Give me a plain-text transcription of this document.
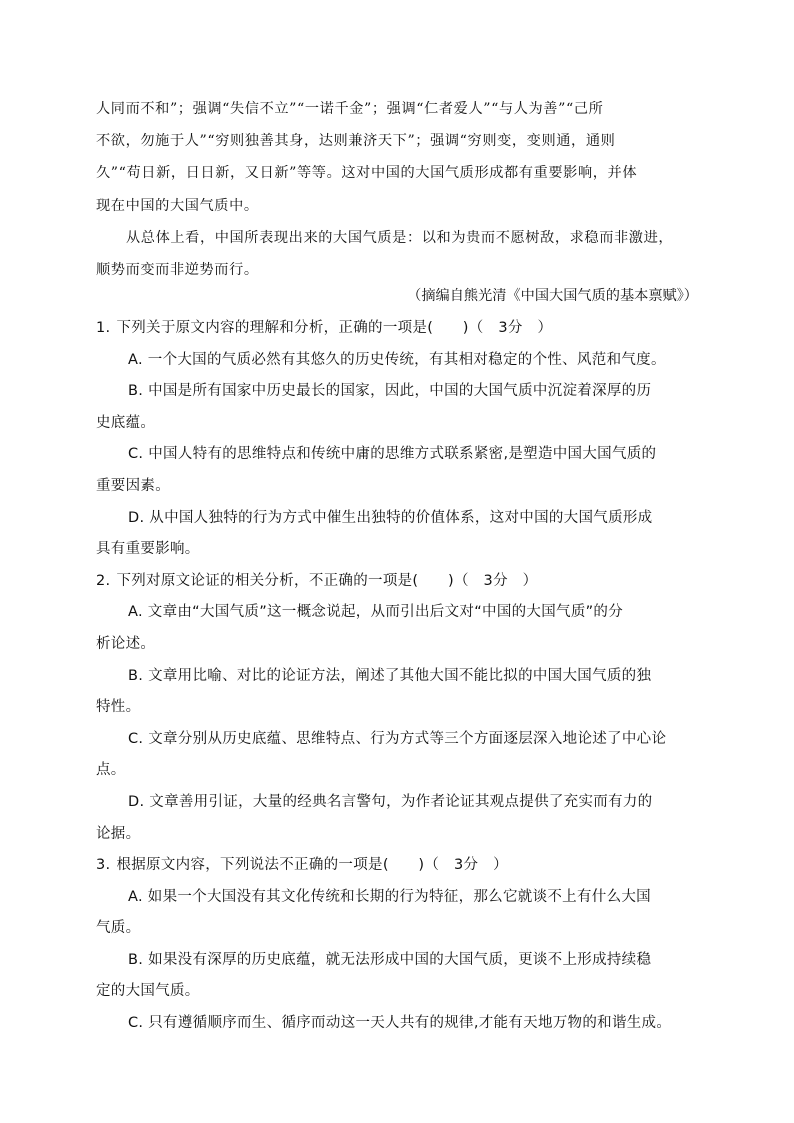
人同而不和”；强调“失信不立”“一诺千金”；强调“仁者爱人”“与人为善”“己所
不欲，勿施于人”“穷则独善其身，达则兼济天下”；强调“穷则变，变则通，通则
久”“苟日新，日日新，又日新”等等。这对中国的大国气质形成都有重要影响，并体
现在中国的大国气质中。
从总体上看，中国所表现出来的大国气质是：以和为贵而不愿树敌，求稳而非激进，
顺势而变而非逆势而行。
（摘编自熊光清《中国大国气质的基本禀赋》）
1. 下列关于原文内容的理解和分析，正确的一项是(　　)（　3分　）
A. 一个大国的气质必然有其悠久的历史传统，有其相对稳定的个性、风范和气度。
B. 中国是所有国家中历史最长的国家，因此，中国的大国气质中沉淀着深厚的历
史底蕴。
C. 中国人特有的思维特点和传统中庸的思维方式联系紧密,是塑造中国大国气质的
重要因素。
D. 从中国人独特的行为方式中催生出独特的价值体系，这对中国的大国气质形成
具有重要影响。
2. 下列对原文论证的相关分析，不正确的一项是(　　)（　3分　）
A. 文章由“大国气质”这一概念说起，从而引出后文对“中国的大国气质”的分
析论述。
B. 文章用比喻、对比的论证方法，阐述了其他大国不能比拟的中国大国气质的独
特性。
C. 文章分别从历史底蕴、思维特点、行为方式等三个方面逐层深入地论述了中心论
点。
D. 文章善用引证，大量的经典名言警句，为作者论证其观点提供了充实而有力的
论据。
3. 根据原文内容，下列说法不正确的一项是(　　)（　3分　）
A. 如果一个大国没有其文化传统和长期的行为特征，那么它就谈不上有什么大国
气质。
B. 如果没有深厚的历史底蕴，就无法形成中国的大国气质，更谈不上形成持续稳
定的大国气质。
C. 只有遵循顺序而生、循序而动这一天人共有的规律,才能有天地万物的和谐生成。
